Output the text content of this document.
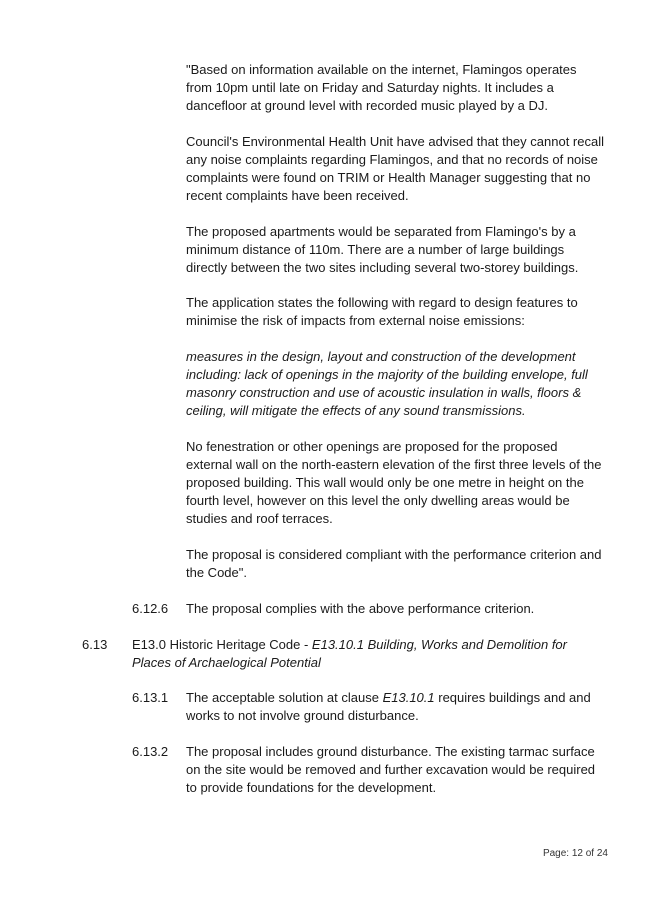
"Based on information available on the internet, Flamingos operates from 10pm until late on Friday and Saturday nights. It includes a dancefloor at ground level with recorded music played by a DJ.

Council's Environmental Health Unit have advised that they cannot recall any noise complaints regarding Flamingos, and that no records of noise complaints were found on TRIM or Health Manager suggesting that no recent complaints have been received.

The proposed apartments would be separated from Flamingo's by a minimum distance of 110m. There are a number of large buildings directly between the two sites including several two-storey buildings.

The application states the following with regard to design features to minimise the risk of impacts from external noise emissions:

measures in the design, layout and construction of the development including: lack of openings in the majority of the building envelope, full masonry construction and use of acoustic insulation in walls, floors & ceiling, will mitigate the effects of any sound transmissions.

No fenestration or other openings are proposed for the proposed external wall on the north-eastern elevation of the first three levels of the proposed building. This wall would only be one metre in height on the fourth level, however on this level the only dwelling areas would be studies and roof terraces.

The proposal is considered compliant with the performance criterion and the Code".

6.12.6 The proposal complies with the above performance criterion.

6.13 E13.0 Historic Heritage Code - E13.10.1 Building, Works and Demolition for Places of Archaelogical Potential

6.13.1 The acceptable solution at clause E13.10.1 requires buildings and and works to not involve ground disturbance.

6.13.2 The proposal includes ground disturbance. The existing tarmac surface on the site would be removed and further excavation would be required to provide foundations for the development.

Page: 12 of 24
